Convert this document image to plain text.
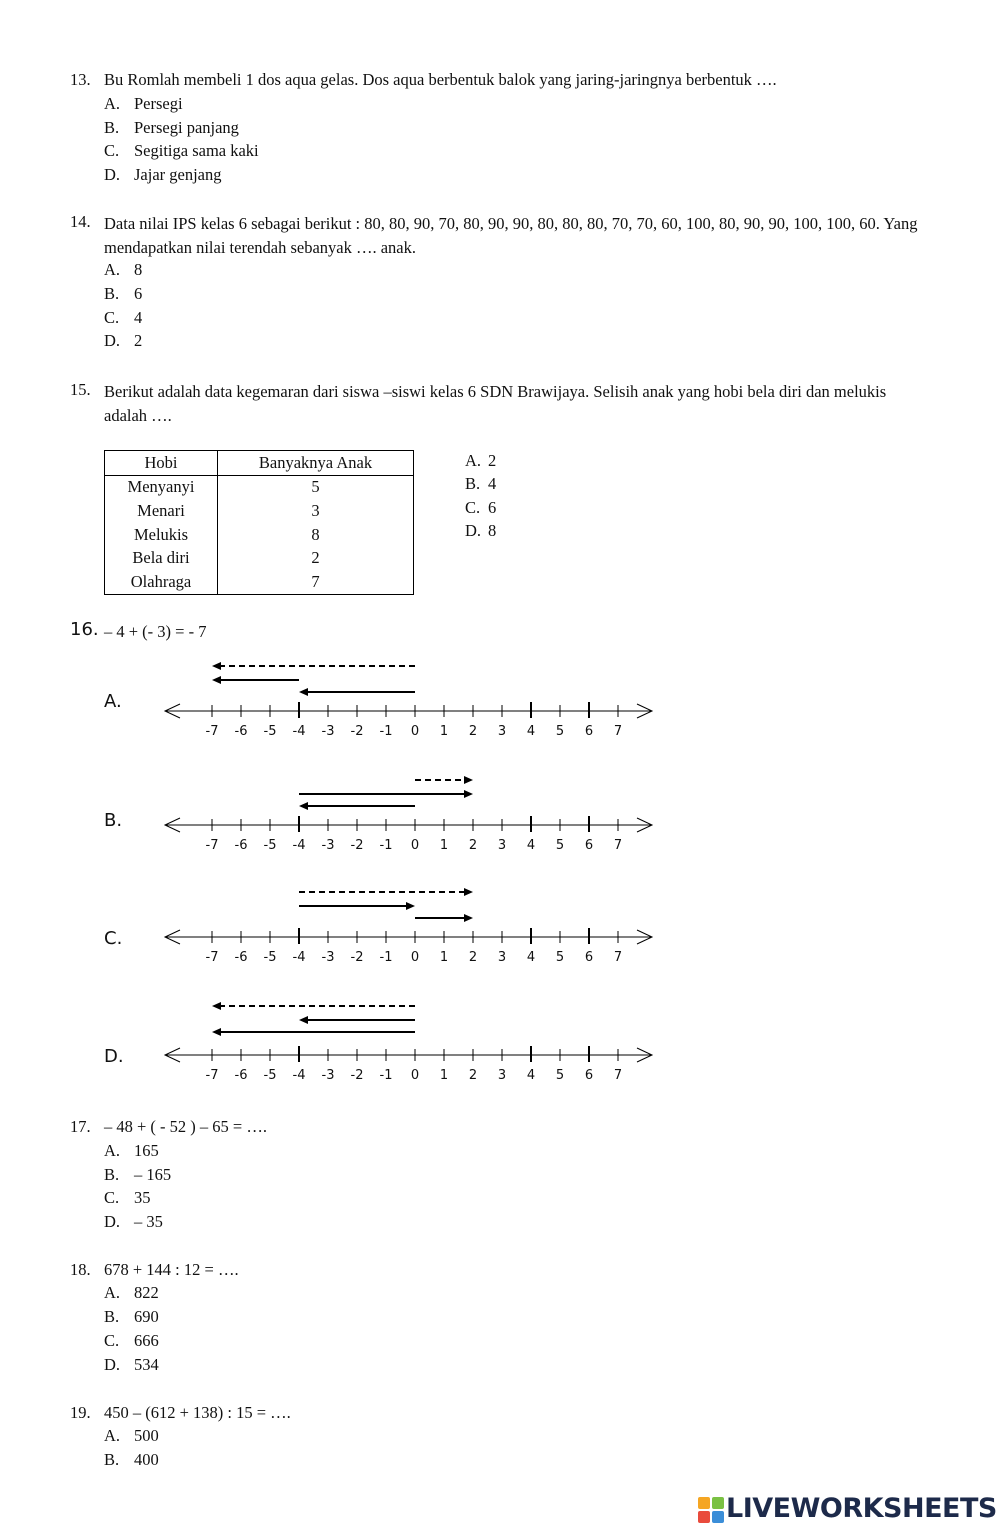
13. Bu Romlah membeli 1 dos aqua gelas. Dos aqua berbentuk balok yang jaring-jaringnya berbentuk ….
A. Persegi
B. Persegi panjang
C. Segitiga sama kaki
D. Jajar genjang
14. Data nilai IPS kelas 6 sebagai berikut : 80, 80, 90, 70, 80, 90, 90, 80, 80, 80, 70, 70, 60, 100, 80, 90, 90, 100, 100, 60. Yang mendapatkan nilai terendah sebanyak …. anak.
A. 8
B. 6
C. 4
D. 2
15. Berikut adalah data kegemaran dari siswa –siswi kelas 6 SDN Brawijaya. Selisih anak yang hobi bela diri dan melukis adalah ….
Hobi	Banyaknya Anak
Menyanyi	5
Menari	3
Melukis	8
Bela diri	2
Olahraga	7
A. 2
B. 4
C. 6
D. 8
16. – 4 + (- 3) = - 7
A.
B.
C.
D.
-7 -6 -5 -4 -3 -2 -1 0 1 2 3 4 5 6 7
-7 -6 -5 -4 -3 -2 -1 0 1 2 3 4 5 6 7
-7 -6 -5 -4 -3 -2 -1 0 1 2 3 4 5 6 7
-7 -6 -5 -4 -3 -2 -1 0 1 2 3 4 5 6 7
17. – 48 + ( - 52 ) – 65 = ….
A. 165
B. – 165
C. 35
D. – 35
18. 678 + 144 : 12 = ….
A. 822
B. 690
C. 666
D. 534
19. 450 – (612 + 138) : 15 = ….
A. 500
B. 400
LIVEWORKSHEETS
